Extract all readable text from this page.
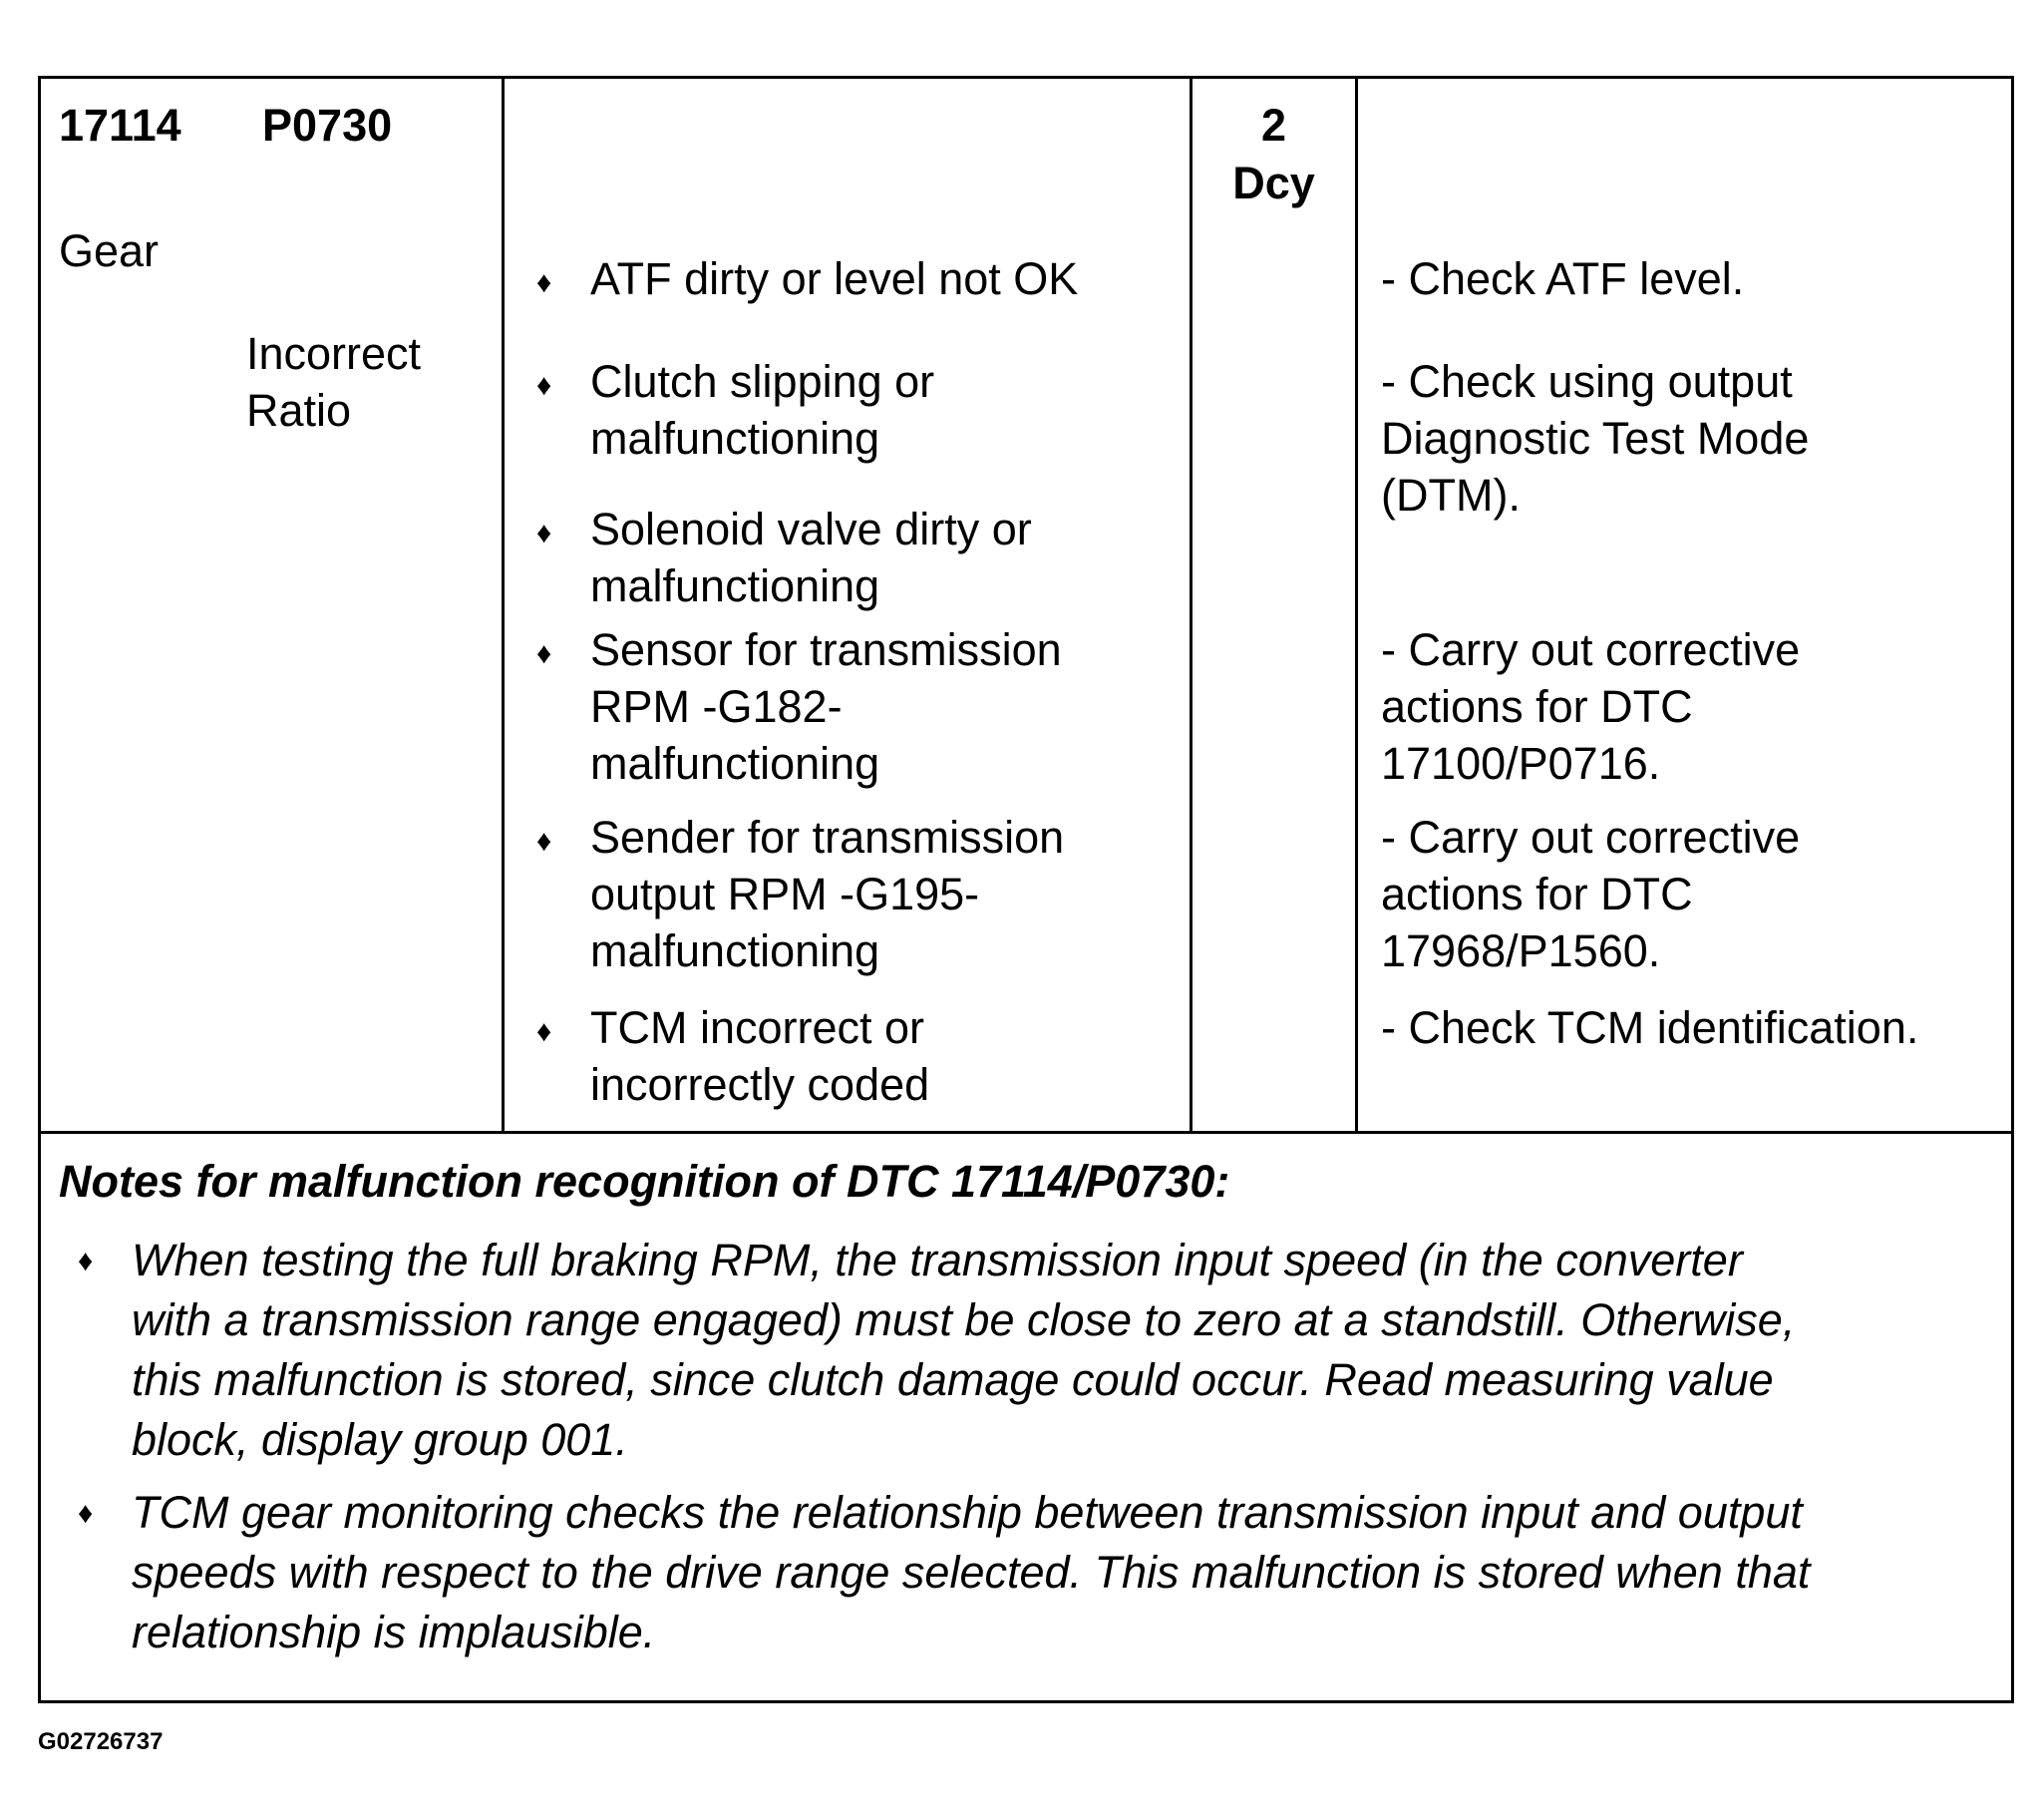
17114 P0730
Gear
Incorrect
Ratio
2
Dcy
♦ ATF dirty or level not OK
♦ Clutch slipping or
malfunctioning
♦ Solenoid valve dirty or
malfunctioning
♦ Sensor for transmission
RPM -G182-
malfunctioning
♦ Sender for transmission
output RPM -G195-
malfunctioning
♦ TCM incorrect or
incorrectly coded
- Check ATF level.
- Check using output
Diagnostic Test Mode
(DTM).
- Carry out corrective
actions for DTC
17100/P0716.
- Carry out corrective
actions for DTC
17968/P1560.
- Check TCM identification.
Notes for malfunction recognition of DTC 17114/P0730:
♦ When testing the full braking RPM, the transmission input speed (in the converter
with a transmission range engaged) must be close to zero at a standstill. Otherwise,
this malfunction is stored, since clutch damage could occur. Read measuring value
block, display group 001.
♦ TCM gear monitoring checks the relationship between transmission input and output
speeds with respect to the drive range selected. This malfunction is stored when that
relationship is implausible.
G02726737
